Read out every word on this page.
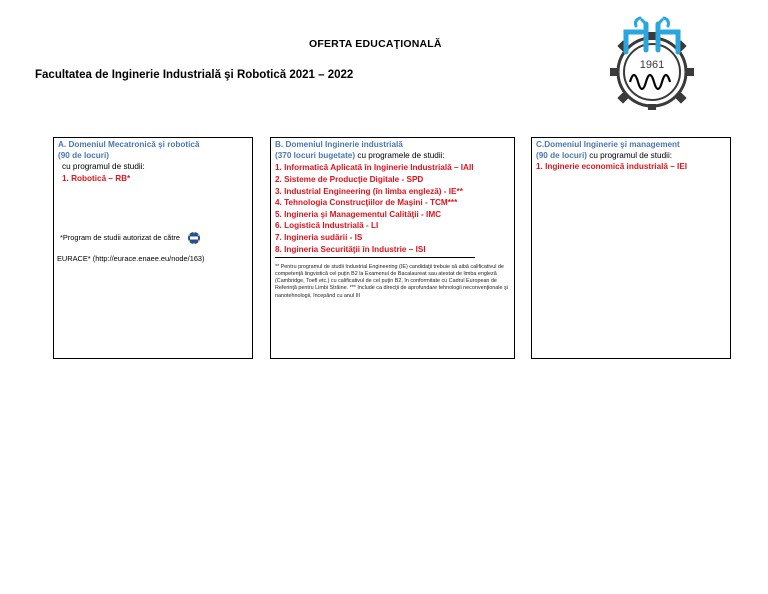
OFERTA EDUCAŢIONALĂ
Facultatea de Inginerie Industrială şi Robotică 2021 – 2022
1961
A. Domeniul Mecatronică şi robotică
(90 de locuri)
cu programul de studii:
1. Robotică – RB*
*Program de studii autorizat de către
EURACE* (http://eurace.enaee.eu/node/163)
B. Domeniul Inginerie industrială
(370 locuri bugetate) cu programele de studii:
1. Informatică Aplicată în Inginerie Industrială – IAII
2. Sisteme de Producţie Digitale - SPD
3. Industrial Engineering (în limba engleză) - IE**
4. Tehnologia Construcţiilor de Maşini - TCM***
5. Ingineria şi Managementul Calităţii - IMC
6. Logistică Industrială - LI
7. Ingineria sudării - IS
8. Ingineria Securităţii în Industrie – ISI
** Pentru programul de studii Industrial Engineering (IE) candidaţii trebuie să aibă calificativul de competenţă lingvistică cel puţin B2 la Examenul de Bacalaureat sau atestat de limba engleză (Cambridge, Toefl etc.) cu calificativul de cel puţin B2, în conformitate cu Cadrul European de Referinţă pentru Limbi Străine. *** Include ca direcţii de aprofundare tehnologii neconvenţionale şi nanotehnologii, începând cu anul III
C.Domeniul Inginerie şi management
(90 de locuri) cu programul de studii:
1. Inginerie economică industrială – IEI
